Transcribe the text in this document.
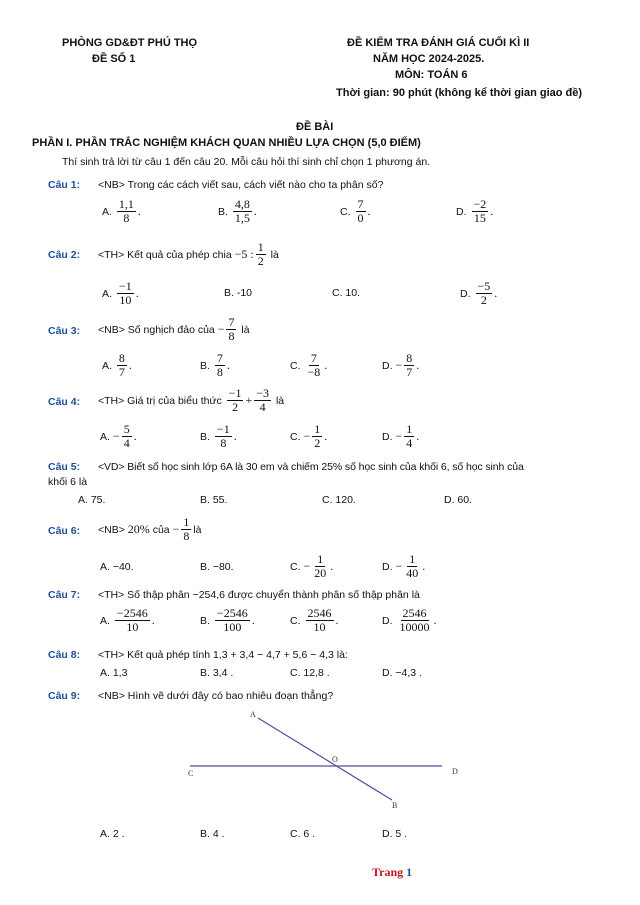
PHÒNG GD&ĐT PHÚ THỌ
ĐỀ SỐ 1
ĐỀ KIỂM TRA ĐÁNH GIÁ CUỐI KÌ II
NĂM HỌC 2024-2025.
MÔN: TOÁN 6
Thời gian: 90 phút (không kể thời gian giao đề)
ĐỀ BÀI
PHẦN I. PHẦN TRẮC NGHIỆM KHÁCH QUAN NHIỀU LỰA CHỌN (5,0 ĐIỂM)
Thí sinh trả lời từ câu 1 đến câu 20. Mỗi câu hỏi thí sinh chỉ chọn 1 phương án.
Câu 1: <NB> Trong các cách viết sau, cách viết nào cho ta phân số?
A. $\frac{1,1}{8}$ .	B. $\frac{4,8}{1,5}$ .	C. $\frac{7}{0}$ .	D. $\frac{-2}{15}$ .
Câu 2: <TH> Kết quả của phép chia
−5 : $\frac{1}{2}$
là
A. $\frac{-1}{10}$ .	B. -10	C. 10.	D. $\frac{-5}{2}$ .
Câu 3: <NB> Số nghịch đảo của
− $\frac{7}{8}$
là
A. $\frac{8}{7}$ .	B. $\frac{7}{8}$ .	C. $\frac{7}{-8}$ .	D. − $\frac{8}{7}$ .
Câu 4: <TH> Giá trị của biểu thức
$\frac{-1}{2} + \frac{-3}{4}$
là
A. − $\frac{5}{4}$ .	B. $\frac{-1}{8}$ .	C. − $\frac{1}{2}$ .	D. − $\frac{1}{4}$ .
Câu 5: <VD> Biết số học sinh lớp 6A là 30 em và chiếm 25% số học sinh của khối 6, số học sinh của
khối 6 là
A. 75.	B. 55.	C. 120.	D. 60.
Câu 6: <NB>
20%
của
− $\frac{1}{8}$ là
A. −40.	B. −80.	C. − $\frac{1}{20}$ .	D. − $\frac{1}{40}$ .
Câu 7: <TH> Số thập phân −254,6 được chuyển thành phân số thập phân là
A. $\frac{-2546}{10}$ .	B. $\frac{-2546}{100}$ .	C. $\frac{2546}{10}$ .	D. $\frac{2546}{10000}$ .
Câu 8: <TH> Kết quả phép tính 1,3 + 3,4 − 4,7 + 5,6 − 4,3 là:
A. 1,3	B. 3,4 .	C. 12,8 .	D. −4,3 .
Câu 9: <NB> Hình vẽ dưới đây có bao nhiêu đoạn thẳng?
A
C	D
O
B
A. 2 .	B. 4 .	C. 6 .	D. 5 .
Trang 1
